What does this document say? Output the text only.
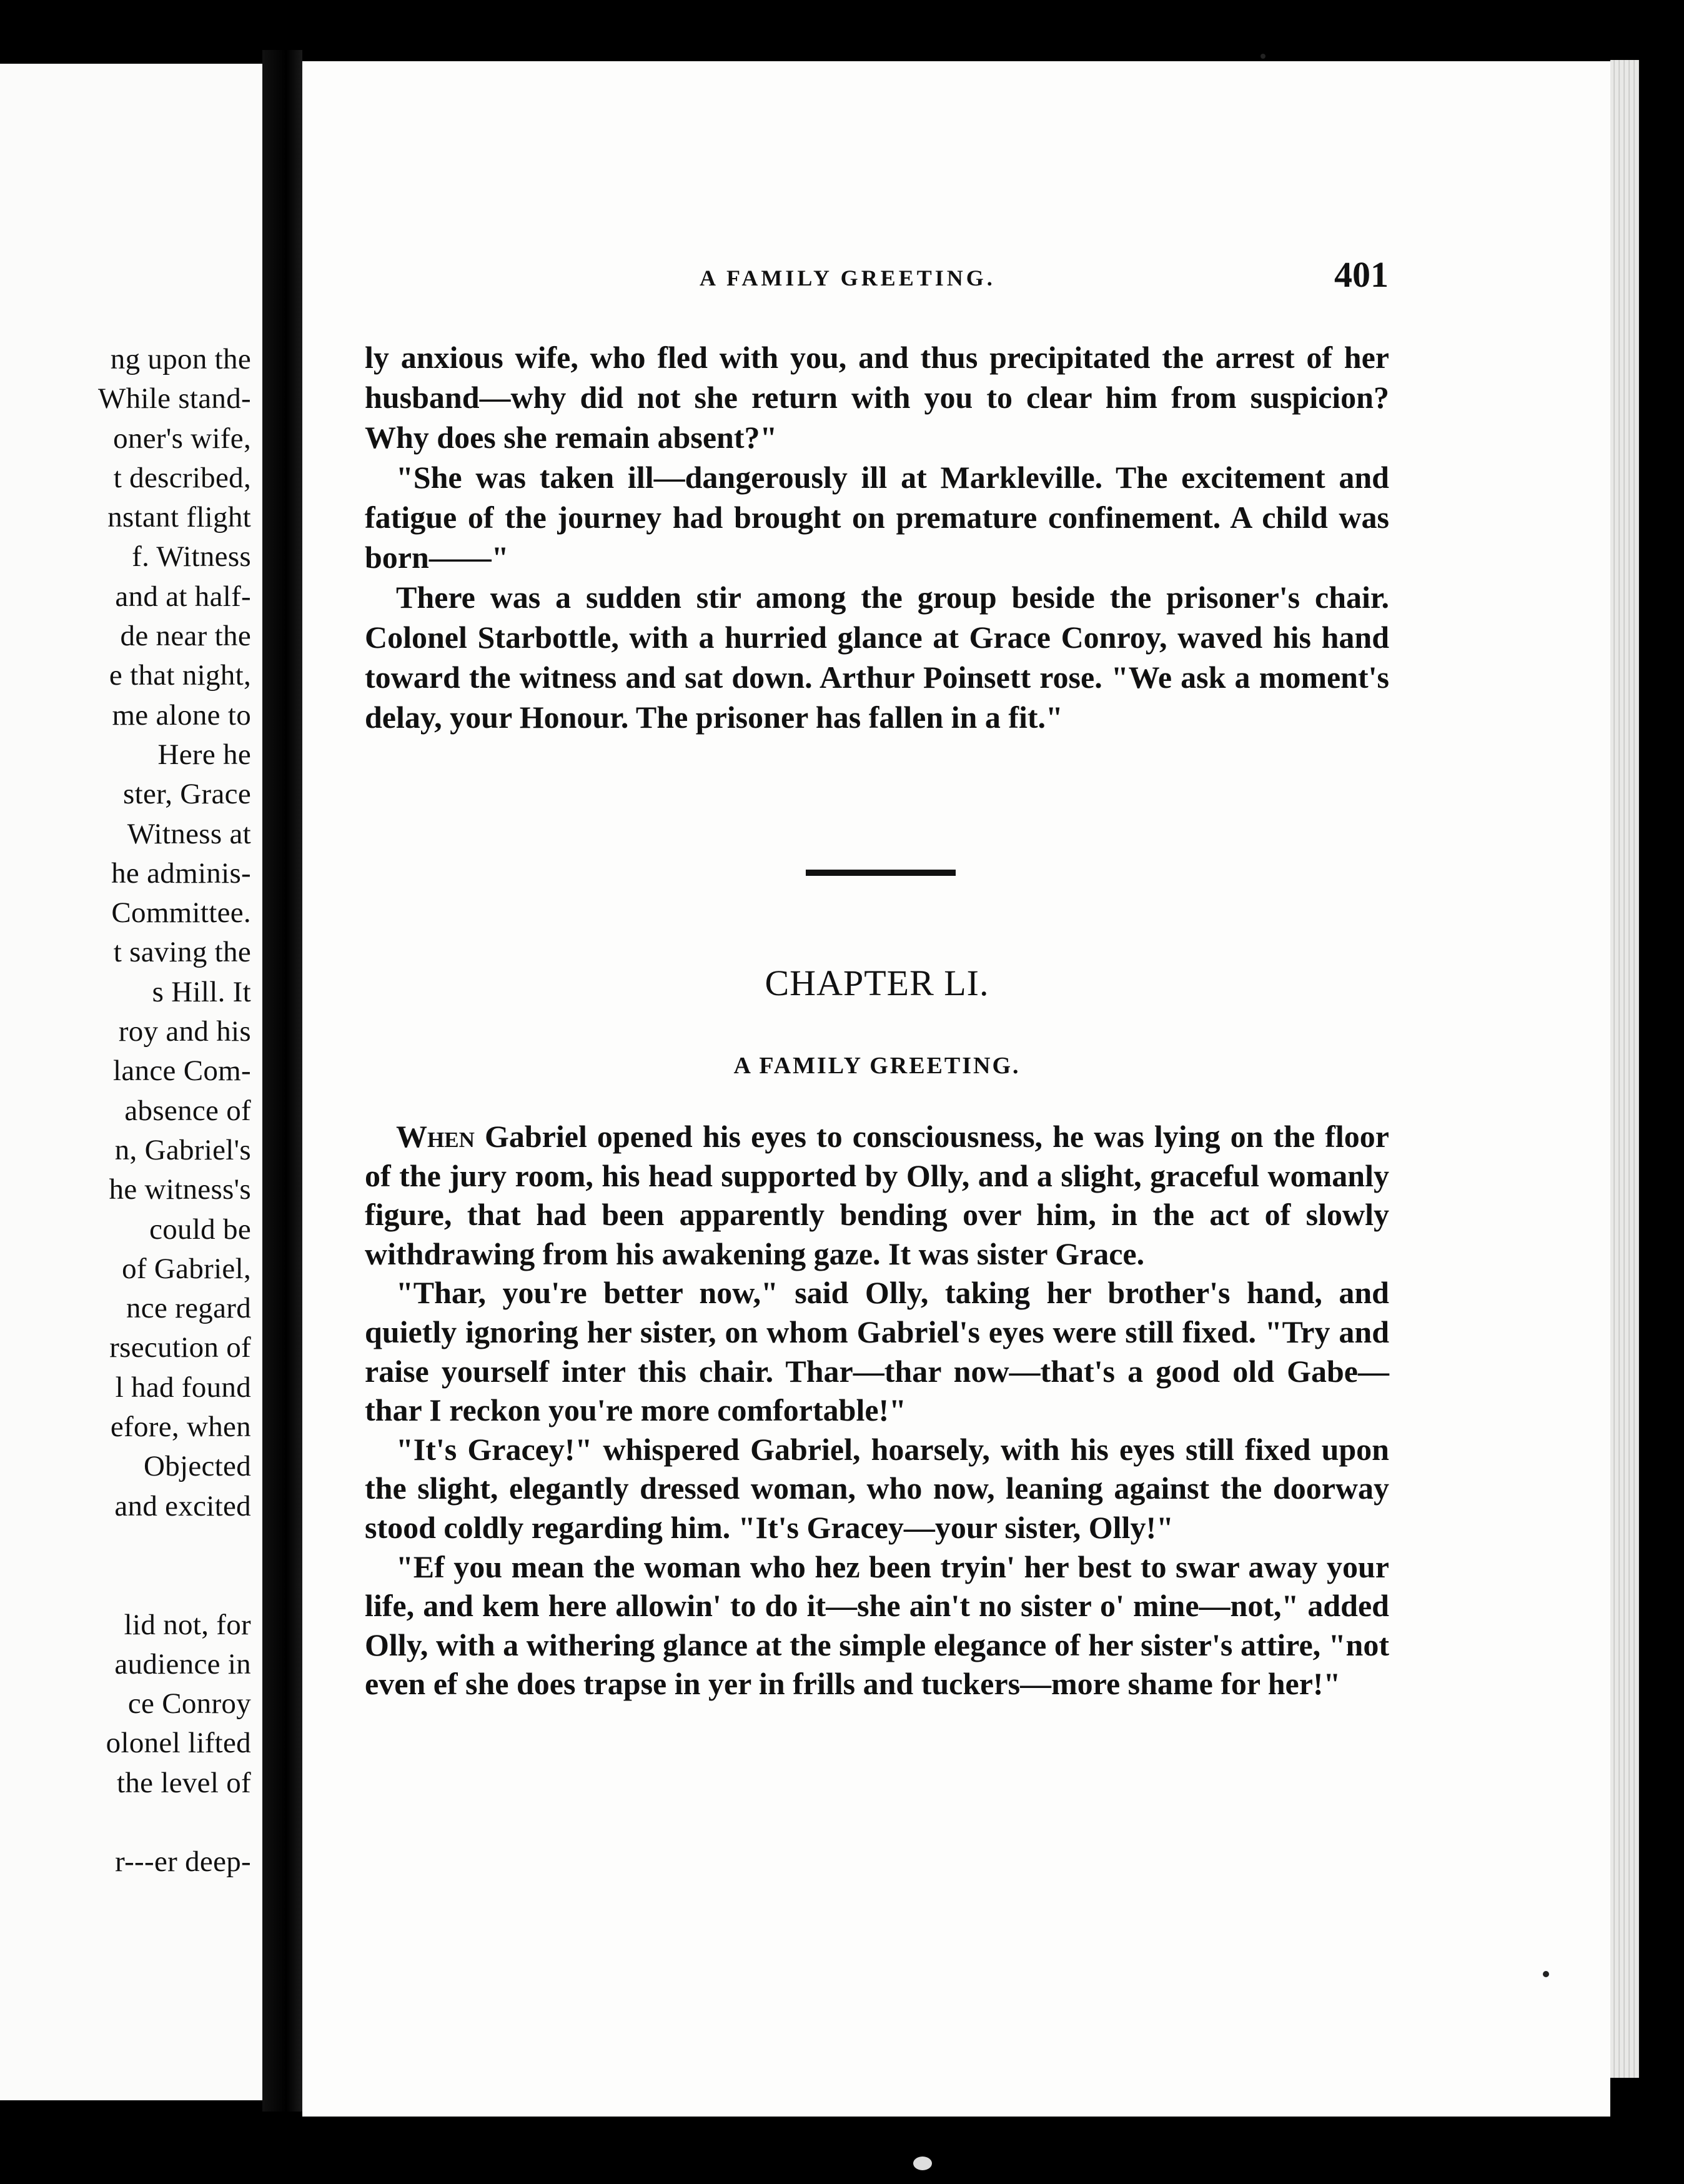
ng upon the
While stand-
oner's wife,
t described,
nstant flight
f. Witness
and at half-
de near the
e that night,
me alone to
Here he
ster, Grace
Witness at
he adminis-
Committee.
t saving the
s Hill. It
roy and his
lance Com-
absence of
n, Gabriel's
he witness's
could be
of Gabriel,
nce regard
rsecution of
l had found
efore, when
Objected
and excited

lid not, for
audience in
ce Conroy
olonel lifted
the level of

r---er deep-
A FAMILY GREETING.	401

ly anxious wife, who fled with you, and thus precipitated the arrest of her husband—why did not she return with you to clear him from suspicion? Why does she remain absent?"

"She was taken ill—dangerously ill at Markleville. The excitement and fatigue of the journey had brought on premature confinement. A child was born——"

There was a sudden stir among the group beside the prisoner's chair. Colonel Starbottle, with a hurried glance at Grace Conroy, waved his hand toward the witness and sat down. Arthur Poinsett rose. "We ask a moment's delay, your Honour. The prisoner has fallen in a fit."

CHAPTER LI.
A FAMILY GREETING.

When Gabriel opened his eyes to consciousness, he was lying on the floor of the jury room, his head supported by Olly, and a slight, graceful womanly figure, that had been apparently bending over him, in the act of slowly withdrawing from his awakening gaze. It was sister Grace.

"Thar, you're better now," said Olly, taking her brother's hand, and quietly ignoring her sister, on whom Gabriel's eyes were still fixed. "Try and raise yourself inter this chair. Thar—thar now—that's a good old Gabe—thar I reckon you're more comfortable!"

"It's Gracey!" whispered Gabriel, hoarsely, with his eyes still fixed upon the slight, elegantly dressed woman, who now, leaning against the doorway stood coldly regarding him. "It's Gracey—your sister, Olly!"

"Ef you mean the woman who hez been tryin' her best to swar away your life, and kem here allowin' to do it—she ain't no sister o' mine—not," added Olly, with a withering glance at the simple elegance of her sister's attire, "not even ef she does trapse in yer in frills and tuckers—more shame for her!"
